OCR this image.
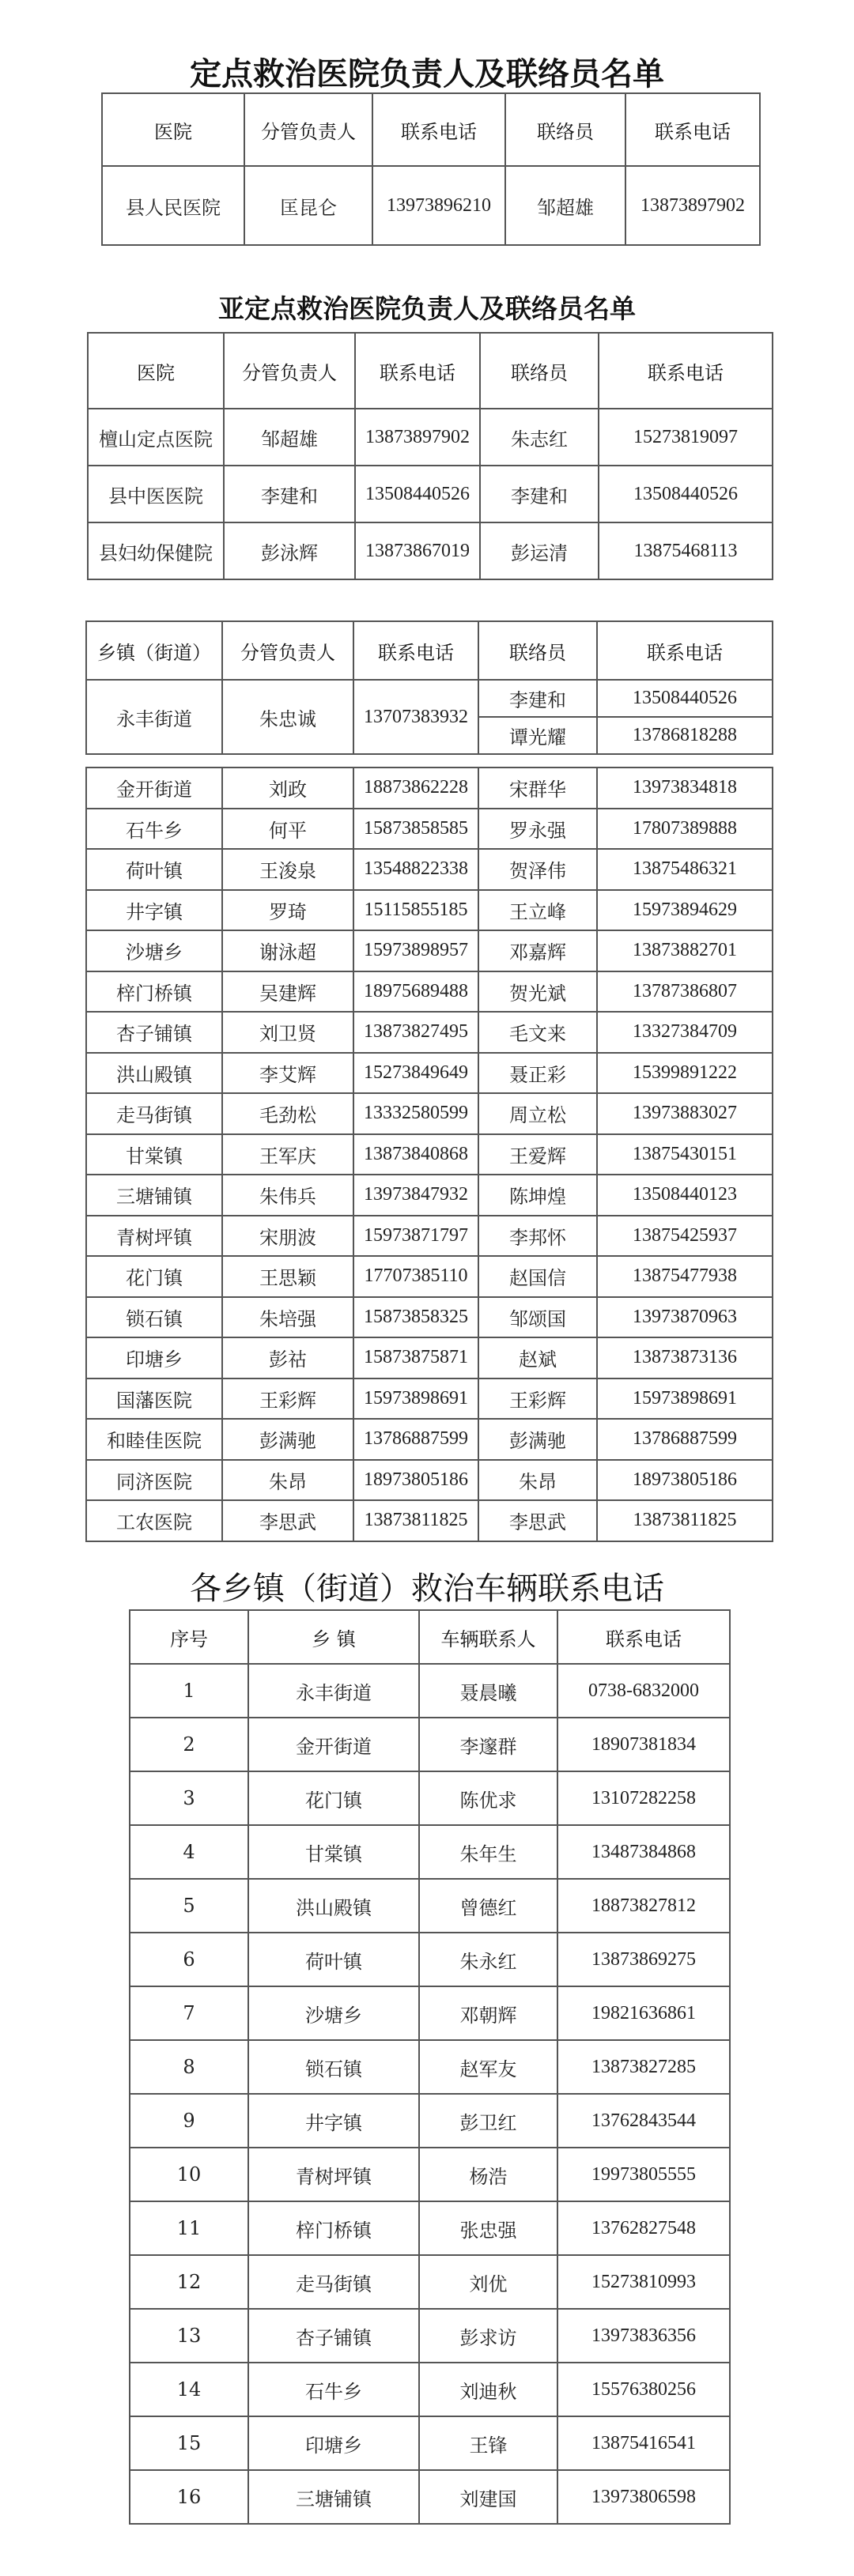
定点救治医院负责人及联络员名单
医院	分管负责人	联系电话	联络员	联系电话
县人民医院	匡昆仑	13973896210	邹超雄	13873897902
亚定点救治医院负责人及联络员名单
医院	分管负责人	联系电话	联络员	联系电话
檀山定点医院	邹超雄	13873897902	朱志红	15273819097
县中医医院	李建和	13508440526	李建和	13508440526
县妇幼保健院	彭泳辉	13873867019	彭运清	13875468113
乡镇（街道）	分管负责人	联系电话	联络员	联系电话
永丰街道	朱忠诚	13707383932	李建和	13508440526
			谭光耀	13786818288
金开街道	刘政	18873862228	宋群华	13973834818
石牛乡	何平	15873858585	罗永强	17807389888
荷叶镇	王浚泉	13548822338	贺泽伟	13875486321
井字镇	罗琦	15115855185	王立峰	15973894629
沙塘乡	谢泳超	15973898957	邓嘉辉	13873882701
梓门桥镇	吴建辉	18975689488	贺光斌	13787386807
杏子铺镇	刘卫贤	13873827495	毛文来	13327384709
洪山殿镇	李艾辉	15273849649	聂正彩	15399891222
走马街镇	毛劲松	13332580599	周立松	13973883027
甘棠镇	王军庆	13873840868	王爱辉	13875430151
三塘铺镇	朱伟兵	13973847932	陈坤煌	13508440123
青树坪镇	宋朋波	15973871797	李邦怀	13875425937
花门镇	王思颖	17707385110	赵国信	13875477938
锁石镇	朱培强	15873858325	邹颂国	13973870963
印塘乡	彭祜	15873875871	赵斌	13873873136
国藩医院	王彩辉	15973898691	王彩辉	15973898691
和睦佳医院	彭满驰	13786887599	彭满驰	13786887599
同济医院	朱昂	18973805186	朱昂	18973805186
工农医院	李思武	13873811825	李思武	13873811825
各乡镇（街道）救治车辆联系电话
序号	乡 镇	车辆联系人	联系电话
1	永丰街道	聂晨曦	0738-6832000
2	金开街道	李邃群	18907381834
3	花门镇	陈优求	13107282258
4	甘棠镇	朱年生	13487384868
5	洪山殿镇	曾德红	18873827812
6	荷叶镇	朱永红	13873869275
7	沙塘乡	邓朝辉	19821636861
8	锁石镇	赵军友	13873827285
9	井字镇	彭卫红	13762843544
10	青树坪镇	杨浩	19973805555
11	梓门桥镇	张忠强	13762827548
12	走马街镇	刘优	15273810993
13	杏子铺镇	彭求访	13973836356
14	石牛乡	刘迪秋	15576380256
15	印塘乡	王锋	13875416541
16	三塘铺镇	刘建国	13973806598
